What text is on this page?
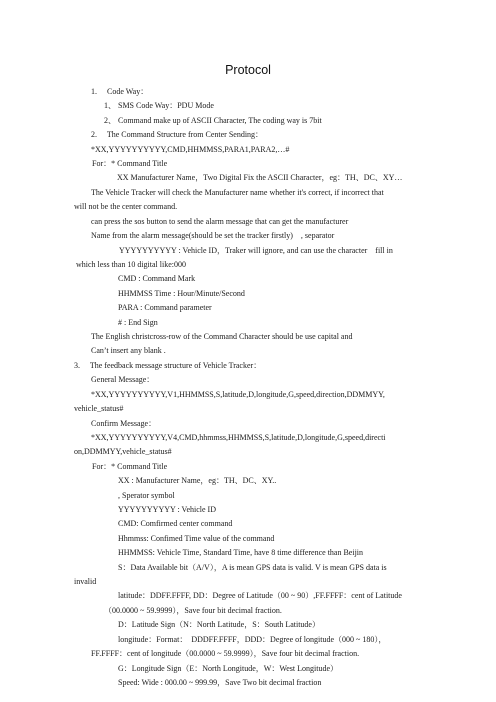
Protocol
1.　 Code Way：
1、 SMS Code Way：PDU Mode
2、 Command make up of ASCII Character, The coding way is 7bit
2.　 The Command Structure from Center Sending：
*XX,YYYYYYYYYY,CMD,HHMMSS,PARA1,PARA2,…#
For：* Command Title
XX Manufacturer Name，Two Digital Fix the ASCII Character，eg：TH、DC、XY…
The Vehicle Tracker will check the Manufacturer name whether it's correct, if incorrect that
will not be the center command.
can press the sos button to send the alarm message that can get the manufacturer
Name from the alarm message(should be set the tracker firstly)　, separator
YYYYYYYYYY : Vehicle ID，Traker will ignore, and can use the character　fill in
which less than 10 digital like:000
CMD : Command Mark
HHMMSS Time : Hour/Minute/Second
PARA : Command parameter
# : End Sign
The English christcross-row of the Command Character should be use capital and
Can’t insert any blank .
3.　 The feedback message structure of Vehicle Tracker：
General Message：
*XX,YYYYYYYYYY,V1,HHMMSS,S,latitude,D,longitude,G,speed,direction,DDMMYY,
vehicle_status#
Confirm Message：
*XX,YYYYYYYYYY,V4,CMD,hhmmss,HHMMSS,S,latitude,D,longitude,G,speed,directi
on,DDMMYY,vehicle_status#
For：* Command Title
XX : Manufacturer Name，eg：TH、DC、XY..
, Sperator symbol
YYYYYYYYYY : Vehicle ID
CMD: Comfirmed center command
Hhmmss: Confimed Time value of the command
HHMMSS: Vehicle Time, Standard Time, have 8 time difference than Beijin
S：Data Available bit（A/V），A is mean GPS data is valid. V is mean GPS data is
invalid
latitude：DDFF.FFFF, DD：Degree of Latitude（00 ~ 90）,FF.FFFF：cent of Latitude
（00.0000 ~ 59.9999），Save four bit decimal fraction.
D：Latitude Sign（N：North Latitude，S：South Latitude）
longitude：Format：　DDDFF.FFFF，DDD：Degree of longitude（000 ~ 180），
FF.FFFF：cent of longitude（00.0000 ~ 59.9999），Save four bit decimal fraction.
G：Longitude Sign（E：North Longitude，W：West Longitude）
Speed: Wide : 000.00 ~ 999.99，Save Two bit decimal fraction
